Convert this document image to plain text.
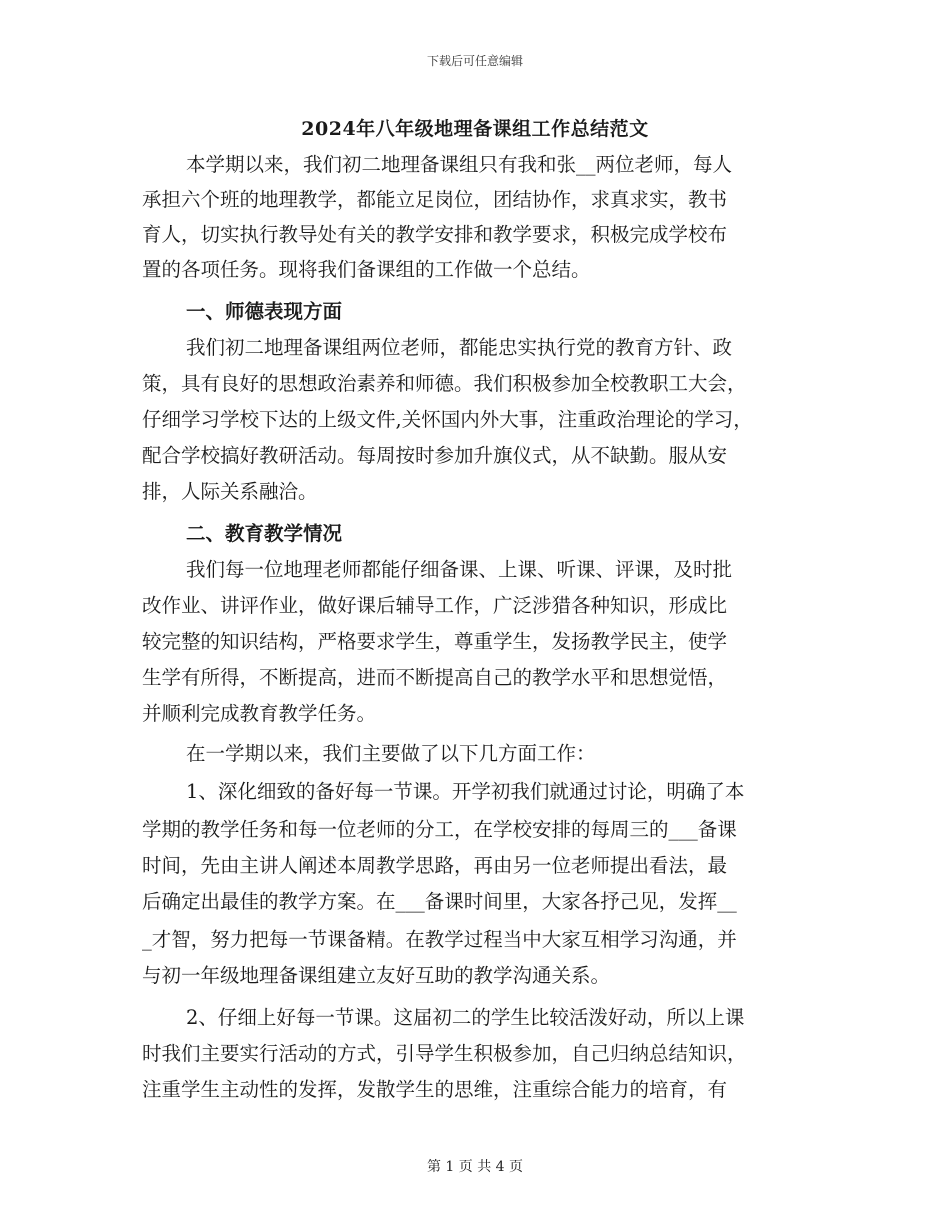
下载后可任意编辑
2024年八年级地理备课组工作总结范文
本学期以来，我们初二地理备课组只有我和张__两位老师，每人
承担六个班的地理教学，都能立足岗位，团结协作，求真求实，教书
育人，切实执行教导处有关的教学安排和教学要求，积极完成学校布
置的各项任务。现将我们备课组的工作做一个总结。
一、师德表现方面
我们初二地理备课组两位老师，都能忠实执行党的教育方针、政
策，具有良好的思想政治素养和师德。我们积极参加全校教职工大会，
仔细学习学校下达的上级文件,关怀国内外大事，注重政治理论的学习，
配合学校搞好教研活动。每周按时参加升旗仪式，从不缺勤。服从安
排，人际关系融洽。
二、教育教学情况
我们每一位地理老师都能仔细备课、上课、听课、评课，及时批
改作业、讲评作业，做好课后辅导工作，广泛涉猎各种知识，形成比
较完整的知识结构，严格要求学生，尊重学生，发扬教学民主，使学
生学有所得，不断提高，进而不断提高自己的教学水平和思想觉悟，
并顺利完成教育教学任务。
在一学期以来，我们主要做了以下几方面工作：
1、深化细致的备好每一节课。开学初我们就通过讨论，明确了本
学期的教学任务和每一位老师的分工，在学校安排的每周三的___备课
时间，先由主讲人阐述本周教学思路，再由另一位老师提出看法，最
后确定出最佳的教学方案。在___备课时间里，大家各抒己见，发挥__
_才智，努力把每一节课备精。在教学过程当中大家互相学习沟通，并
与初一年级地理备课组建立友好互助的教学沟通关系。
2、仔细上好每一节课。这届初二的学生比较活泼好动，所以上课
时我们主要实行活动的方式，引导学生积极参加，自己归纳总结知识，
注重学生主动性的发挥，发散学生的思维，注重综合能力的培育，有
第 1 页 共 4 页
